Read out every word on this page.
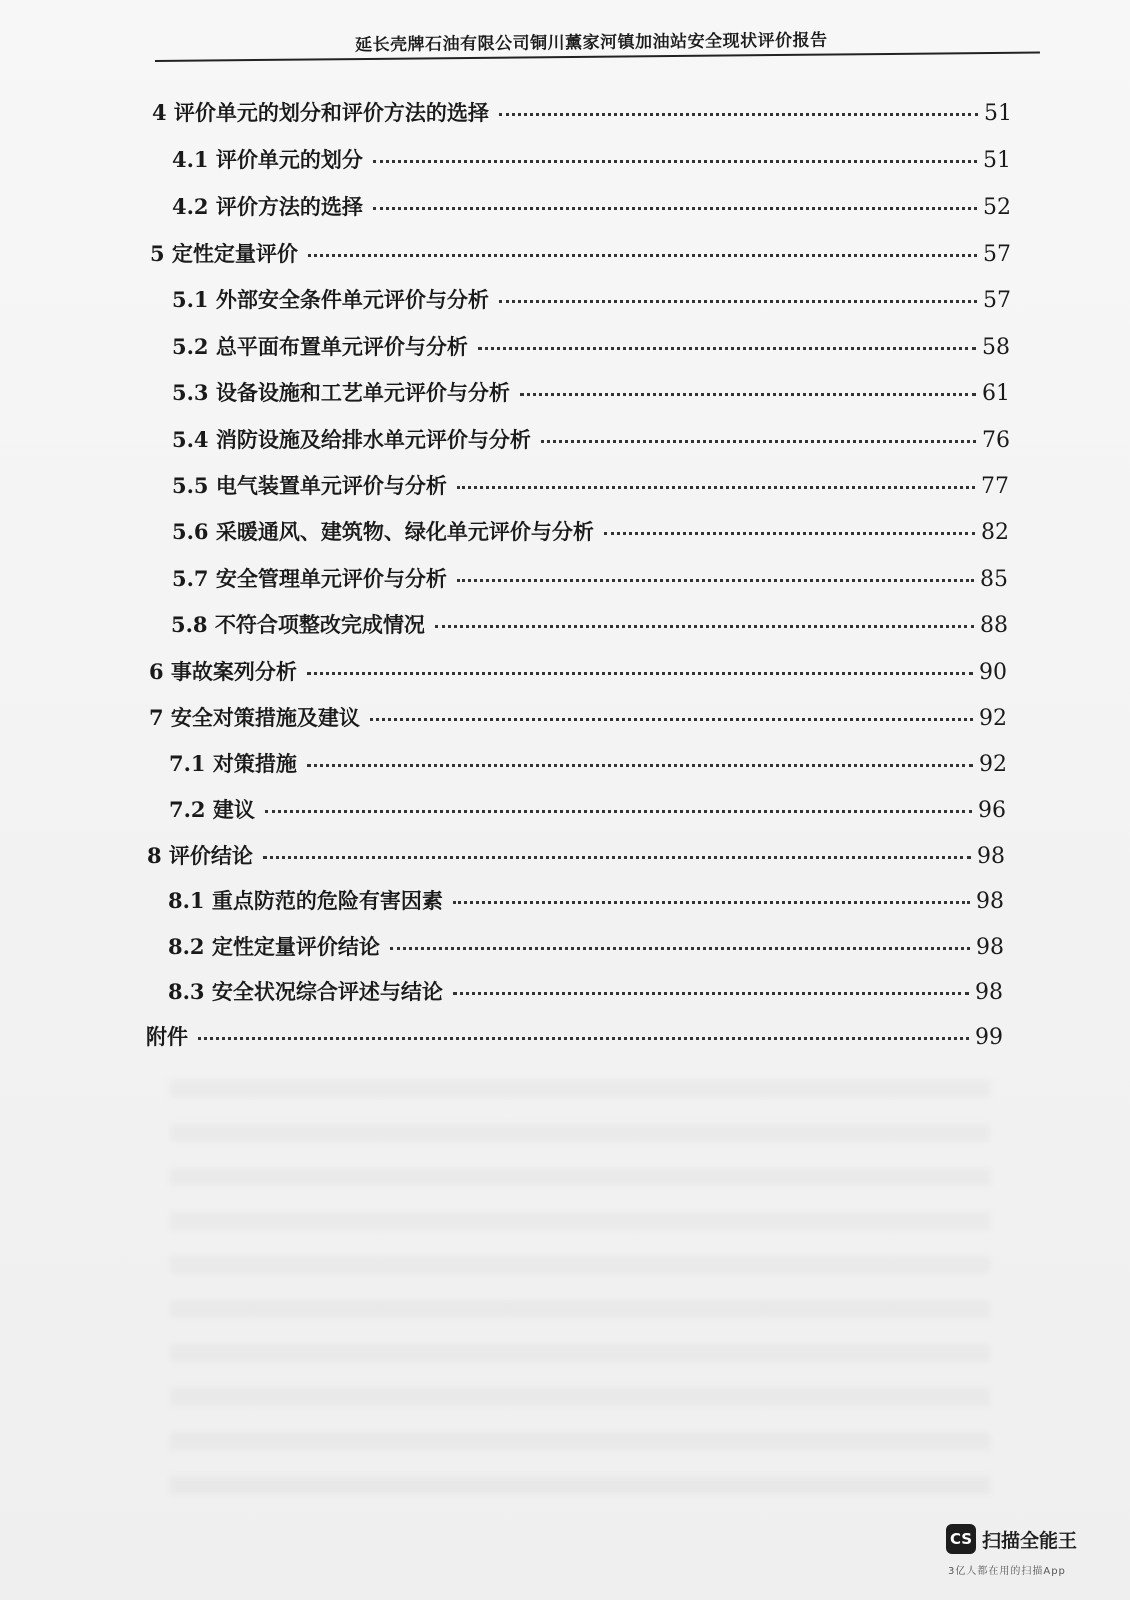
延长壳牌石油有限公司铜川薰家河镇加油站安全现状评价报告
4 评价单元的划分和评价方法的选择	51
4.1 评价单元的划分	51
4.2 评价方法的选择	52
5 定性定量评价	57
5.1 外部安全条件单元评价与分析	57
5.2 总平面布置单元评价与分析	58
5.3 设备设施和工艺单元评价与分析	61
5.4 消防设施及给排水单元评价与分析	76
5.5 电气装置单元评价与分析	77
5.6 采暖通风、建筑物、绿化单元评价与分析	82
5.7 安全管理单元评价与分析	85
5.8 不符合项整改完成情况	88
6 事故案列分析	90
7 安全对策措施及建议	92
7.1 对策措施	92
7.2 建议	96
8 评价结论	98
8.1 重点防范的危险有害因素	98
8.2 定性定量评价结论	98
8.3 安全状况综合评述与结论	98
附件	99
CS 扫描全能王
3亿人都在用的扫描App
